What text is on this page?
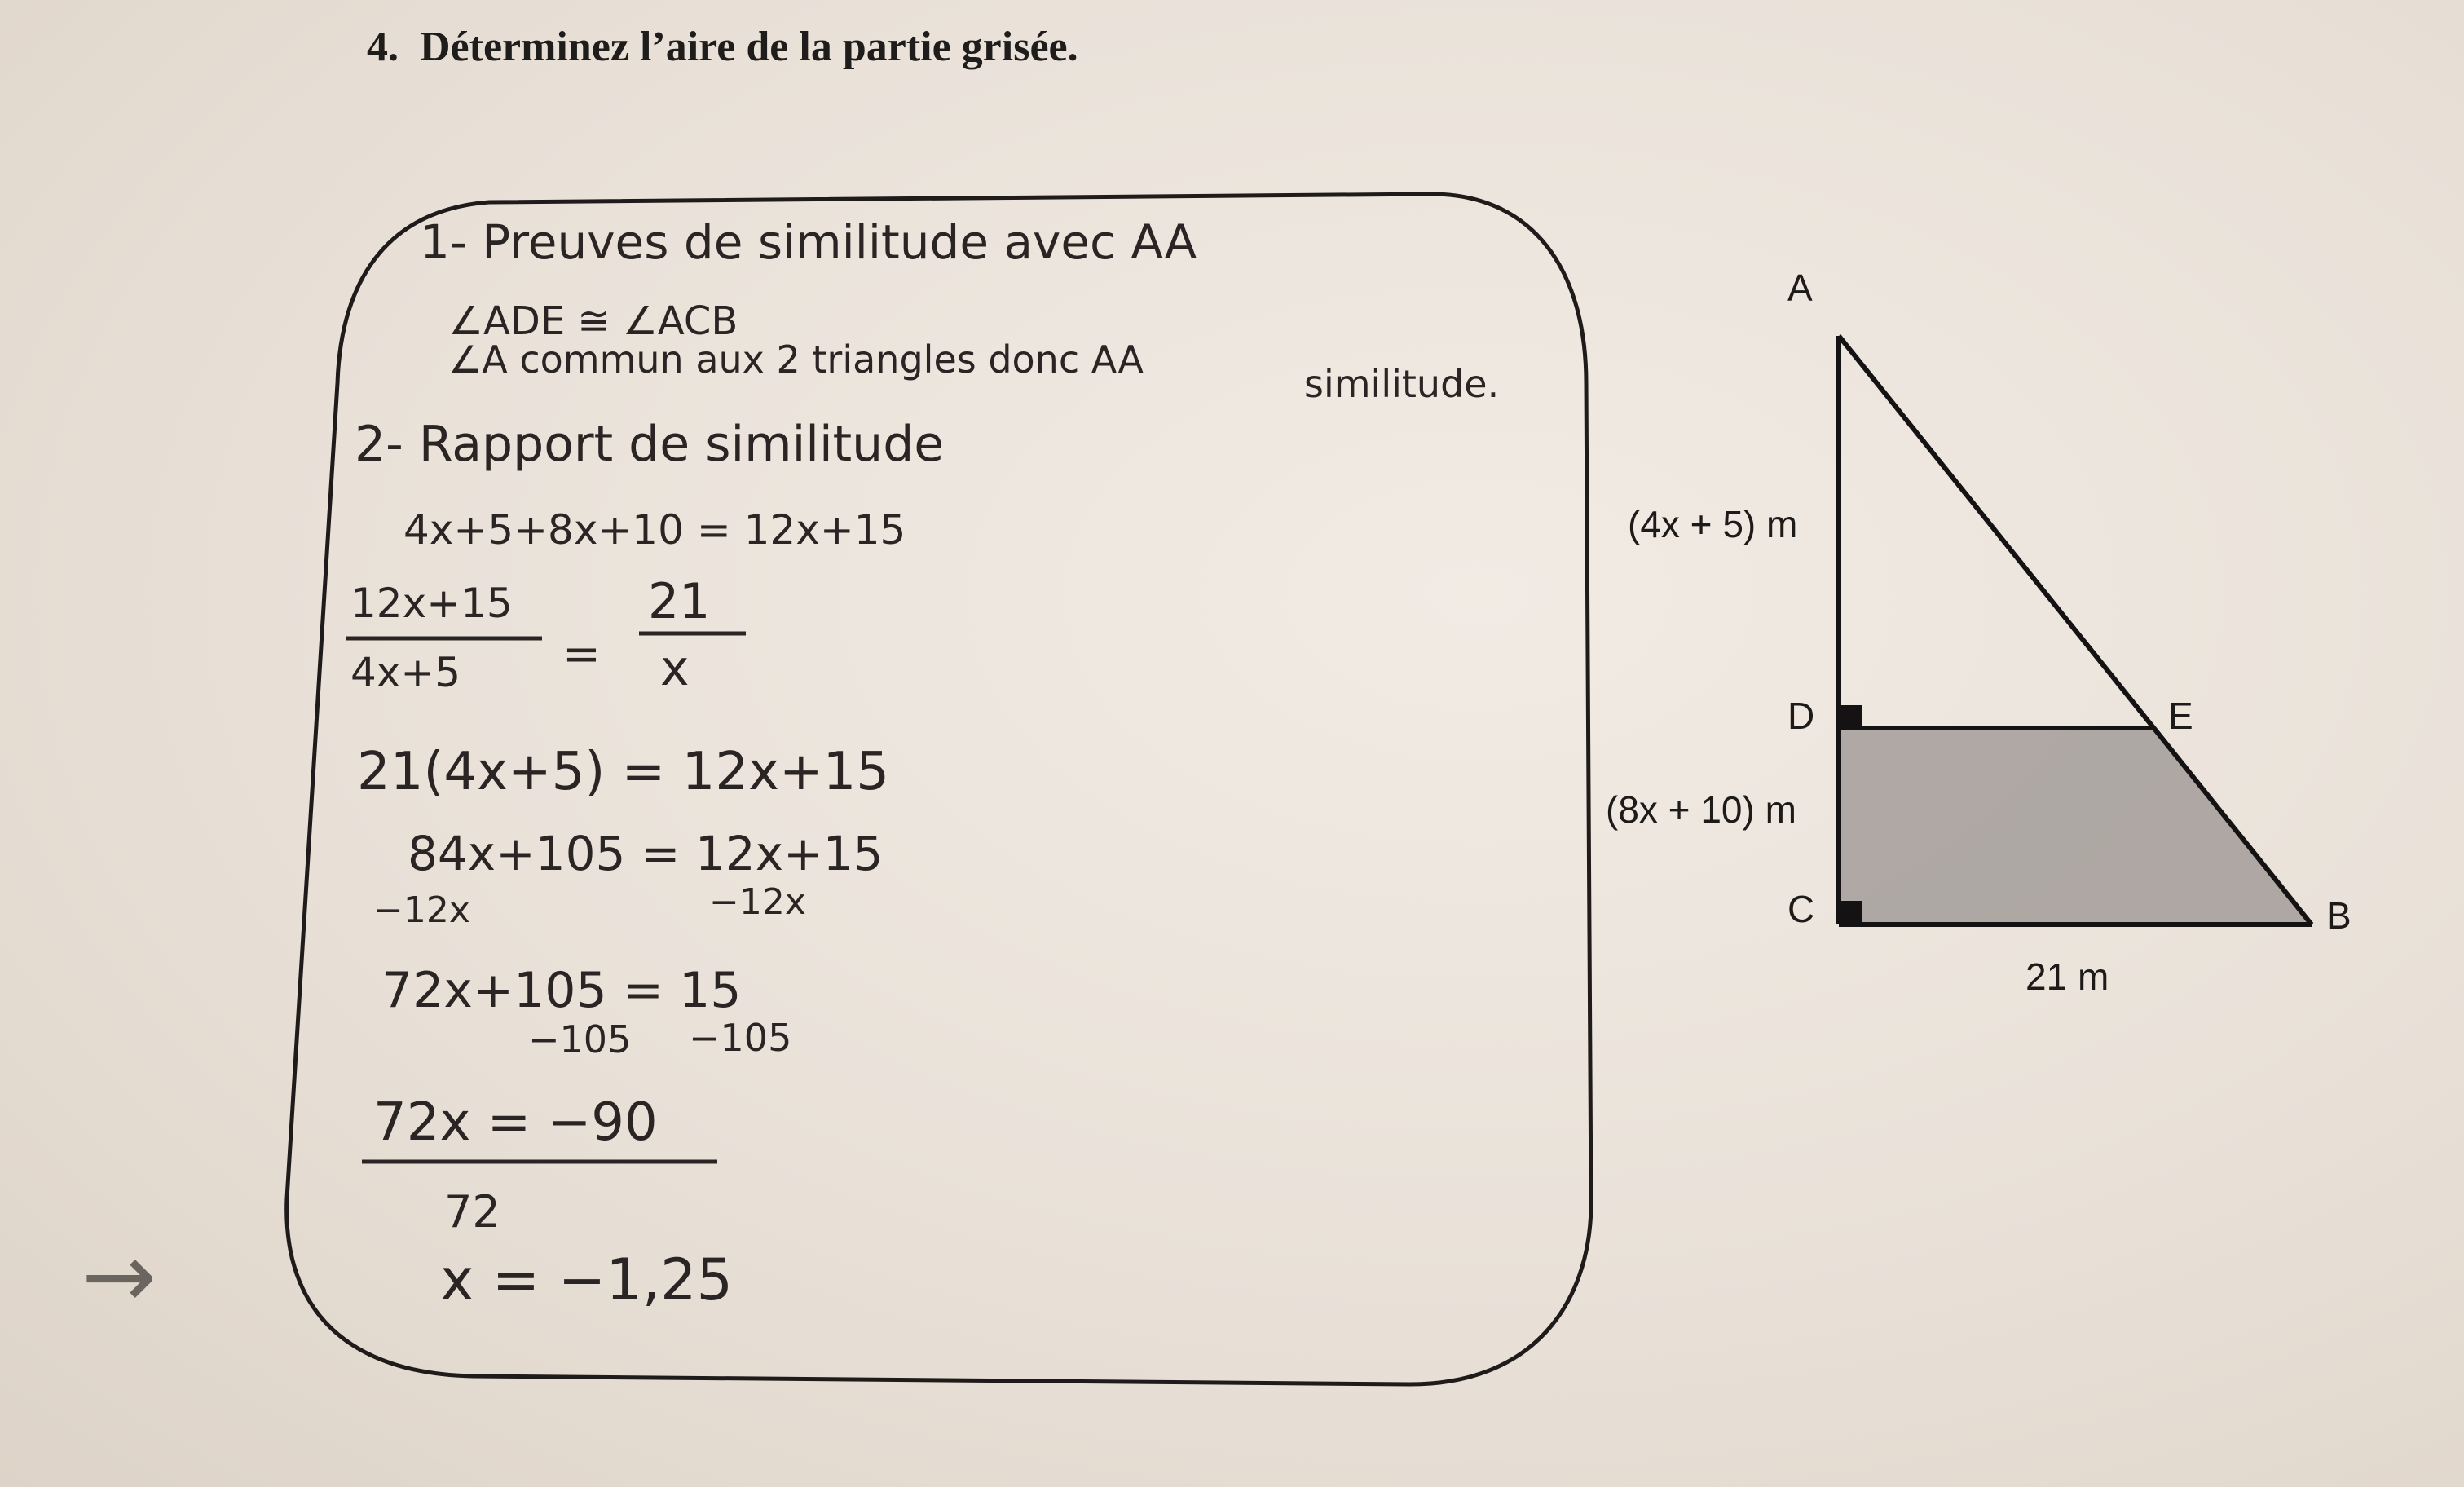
4. Déterminez l’aire de la partie grisée.
1- Preuves de similitude avec AA
∠ADE ≅ ∠ACB
∠A commun aux 2 triangles donc AA
similitude.
2- Rapport de similitude
4x+5+8x+10 = 12x+15
12x+15
4x+5 =
21
x
21(4x+5) = 12x+15
84x+105 = 12x+15
−12x	−12x
72x+105 = 15
−105 −105
72x = −90
72
x = −1,25
→
A
D	E
C	B
(4x + 5) m
(8x + 10) m
21 m
